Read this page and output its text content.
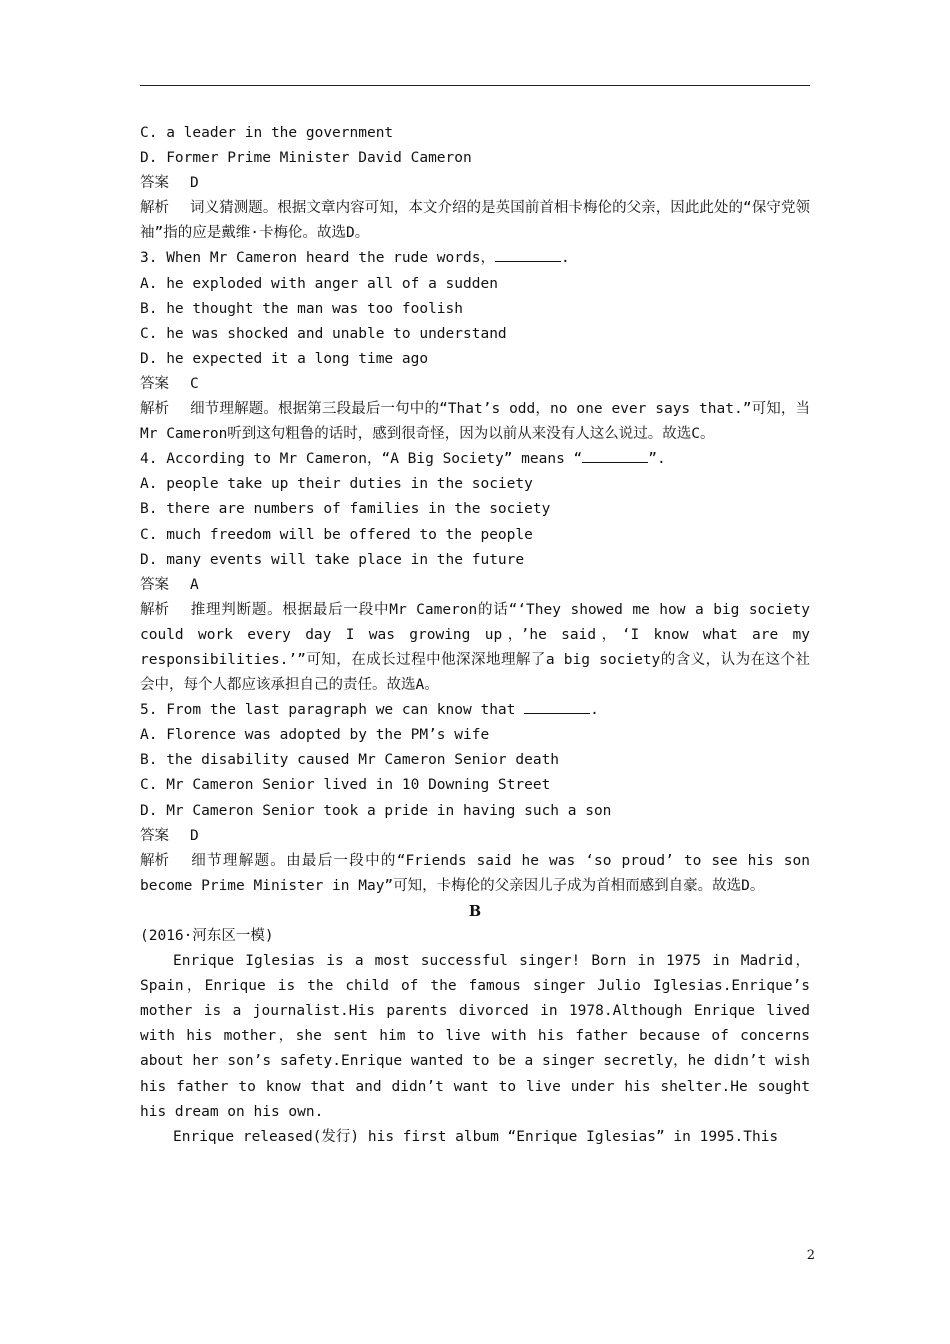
C. a leader in the government

D. Former Prime Minister David Cameron

答案 D

解析 词义猜测题。根据文章内容可知，本文介绍的是英国前首相卡梅伦的父亲，因此此处的“保守党领袖”指的应是戴维·卡梅伦。故选D。

3. When Mr Cameron heard the rude words，	.

A. he exploded with anger all of a sudden

B. he thought the man was too foolish

C. he was shocked and unable to understand

D. he expected it a long time ago

答案 C

解析 细节理解题。根据第三段最后一句中的“That’s odd，no one ever says that.”可知，当Mr Cameron听到这句粗鲁的话时，感到很奇怪，因为以前从来没有人这么说过。故选C。

4. According to Mr Cameron，“A Big Society” means “	”.

A. people take up their duties in the society

B. there are numbers of families in the society

C. much freedom will be offered to the people

D. many events will take place in the future

答案 A

解析 推理判断题。根据最后一段中Mr Cameron的话“‘They showed me how a big society could work every day I was growing up，’he said，‘I know what are my responsibilities.’”可知，在成长过程中他深深地理解了a big society的含义，认为在这个社会中，每个人都应该承担自己的责任。故选A。

5. From the last paragraph we can know that	.

A. Florence was adopted by the PM’s wife

B. the disability caused Mr Cameron Senior death

C. Mr Cameron Senior lived in 10 Downing Street

D. Mr Cameron Senior took a pride in having such a son

答案 D

解析 细节理解题。由最后一段中的“Friends said he was ‘so proud’ to see his son become Prime Minister in May”可知，卡梅伦的父亲因儿子成为首相而感到自豪。故选D。

B

(2016·河东区一模)

Enrique Iglesias is a most successful singer! Born in 1975 in Madrid，Spain，Enrique is the child of the famous singer Julio Iglesias.Enrique’s mother is a journalist.His parents divorced in 1978.Although Enrique lived with his mother，she sent him to live with his father because of concerns about her son’s safety.Enrique wanted to be a singer secretly，he didn’t wish his father to know that and didn’t want to live under his shelter.He sought his dream on his own.

Enrique released(发行) his first album “Enrique Iglesias” in 1995.This

2
